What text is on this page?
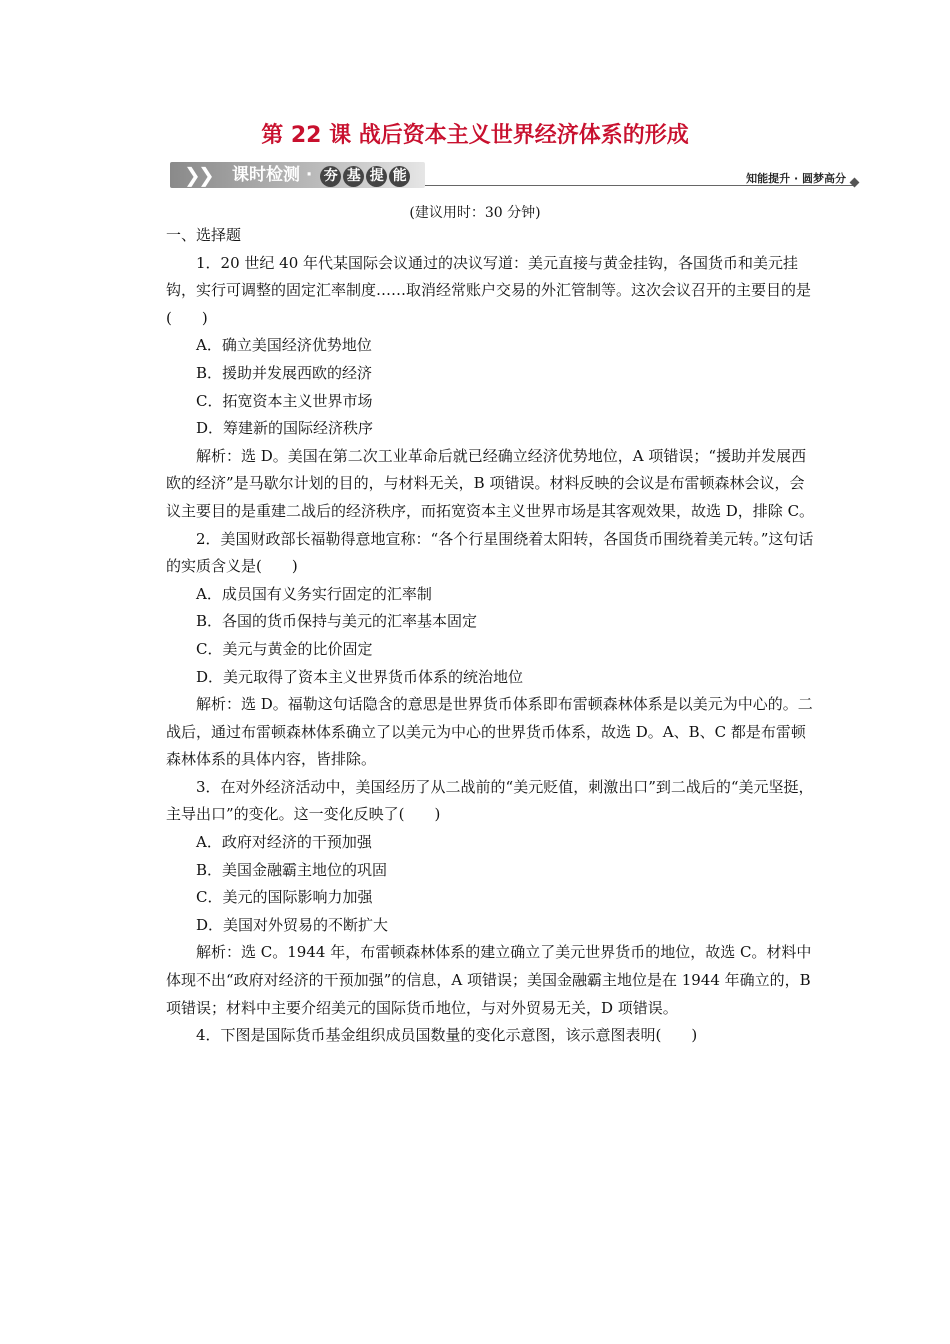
第 22 课 战后资本主义世界经济体系的形成
❯
❯ 课时检测 · 夯 基 提 能	知能提升 · 圆梦高分
(建议用时：30 分钟)

一、选择题

1．20 世纪 40 年代某国际会议通过的决议写道：美元直接与黄金挂钩，各国货币和美元挂钩，实行可调整的固定汇率制度……取消经常账户交易的外汇管制等。这次会议召开的主要目的是(　　)

A．确立美国经济优势地位

B．援助并发展西欧的经济

C．拓宽资本主义世界市场

D．筹建新的国际经济秩序

解析：选 D。美国在第二次工业革命后就已经确立经济优势地位，A 项错误；“援助并发展西欧的经济”是马歇尔计划的目的，与材料无关，B 项错误。材料反映的会议是布雷顿森林会议，会议主要目的是重建二战后的经济秩序，而拓宽资本主义世界市场是其客观效果，故选 D，排除 C。

2．美国财政部长福勒得意地宣称：“各个行星围绕着太阳转，各国货币围绕着美元转。”这句话的实质含义是(　　)

A．成员国有义务实行固定的汇率制

B．各国的货币保持与美元的汇率基本固定

C．美元与黄金的比价固定

D．美元取得了资本主义世界货币体系的统治地位

解析：选 D。福勒这句话隐含的意思是世界货币体系即布雷顿森林体系是以美元为中心的。二战后，通过布雷顿森林体系确立了以美元为中心的世界货币体系，故选 D。A、B、C 都是布雷顿森林体系的具体内容，皆排除。

3．在对外经济活动中，美国经历了从二战前的“美元贬值，刺激出口”到二战后的“美元坚挺，主导出口”的变化。这一变化反映了(　　)

A．政府对经济的干预加强

B．美国金融霸主地位的巩固

C．美元的国际影响力加强

D．美国对外贸易的不断扩大

解析：选 C。1944 年，布雷顿森林体系的建立确立了美元世界货币的地位，故选 C。材料中体现不出“政府对经济的干预加强”的信息，A 项错误；美国金融霸主地位是在 1944 年确立的，B 项错误；材料中主要介绍美元的国际货币地位，与对外贸易无关，D 项错误。

4．下图是国际货币基金组织成员国数量的变化示意图，该示意图表明(　　)
